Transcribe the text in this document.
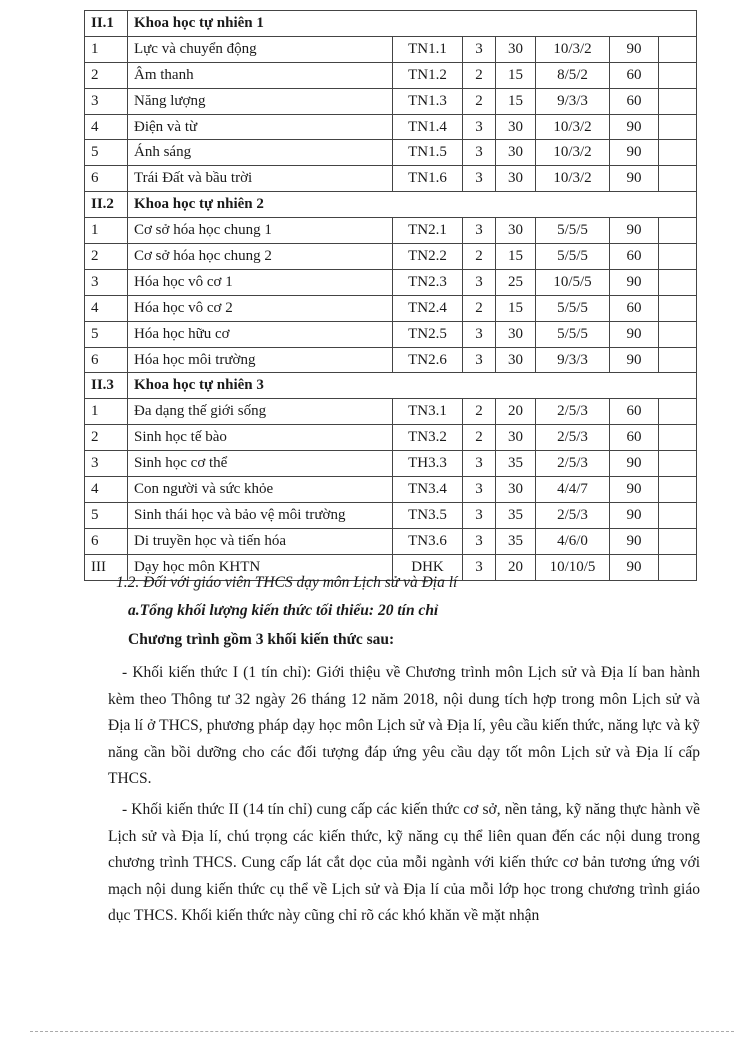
II.1	Khoa học tự nhiên 1						
1	Lực và chuyển động	TN1.1	3	30	10/3/2	90	
2	Âm thanh	TN1.2	2	15	8/5/2	60	
3	Năng lượng	TN1.3	2	15	9/3/3	60	
4	Điện và từ	TN1.4	3	30	10/3/2	90	
5	Ánh sáng	TN1.5	3	30	10/3/2	90	
6	Trái Đất và bầu trời	TN1.6	3	30	10/3/2	90	
II.2	Khoa học tự nhiên 2						
1	Cơ sở hóa học chung 1	TN2.1	3	30	5/5/5	90	
2	Cơ sở hóa học chung 2	TN2.2	2	15	5/5/5	60	
3	Hóa học vô cơ 1	TN2.3	3	25	10/5/5	90	
4	Hóa học vô cơ 2	TN2.4	2	15	5/5/5	60	
5	Hóa học hữu cơ	TN2.5	3	30	5/5/5	90	
6	Hóa học môi trường	TN2.6	3	30	9/3/3	90	
II.3	Khoa học tự nhiên 3						
1	Đa dạng thế giới sống	TN3.1	2	20	2/5/3	60	
2	Sinh học tế bào	TN3.2	2	30	2/5/3	60	
3	Sinh học cơ thể	TH3.3	3	35	2/5/3	90	
4	Con người và sức khỏe	TN3.4	3	30	4/4/7	90	
5	Sinh thái học và bảo vệ môi trường	TN3.5	3	35	2/5/3	90	
6	Di truyền học và tiến hóa	TN3.6	3	35	4/6/0	90	
III	Dạy học môn KHTN	DHK	3	20	10/10/5	90	

1.2. Đối với giáo viên THCS dạy môn Lịch sử và Địa lí

a.Tổng khối lượng kiến thức tối thiểu: 20 tín chỉ

Chương trình gồm 3 khối kiến thức sau:

- Khối kiến thức I (1 tín chỉ): Giới thiệu về Chương trình môn Lịch sử và Địa lí ban hành kèm theo Thông tư 32 ngày 26 tháng 12 năm 2018, nội dung tích hợp trong môn Lịch sử và Địa lí ở THCS, phương pháp dạy học môn Lịch sử và Địa lí, yêu cầu kiến thức, năng lực và kỹ năng cần bồi dưỡng cho các đối tượng đáp ứng yêu cầu dạy tốt môn Lịch sử và Địa lí cấp THCS.

- Khối kiến thức II (14 tín chỉ) cung cấp các kiến thức cơ sở, nền tảng, kỹ năng thực hành về Lịch sử và Địa lí, chú trọng các kiến thức, kỹ năng cụ thể liên quan đến các nội dung trong chương trình THCS. Cung cấp lát cắt dọc của mỗi ngành với kiến thức cơ bản tương ứng với mạch nội dung kiến thức cụ thể về Lịch sử và Địa lí của mỗi lớp học trong chương trình giáo dục THCS. Khối kiến thức này cũng chỉ rõ các khó khăn về mặt nhận
